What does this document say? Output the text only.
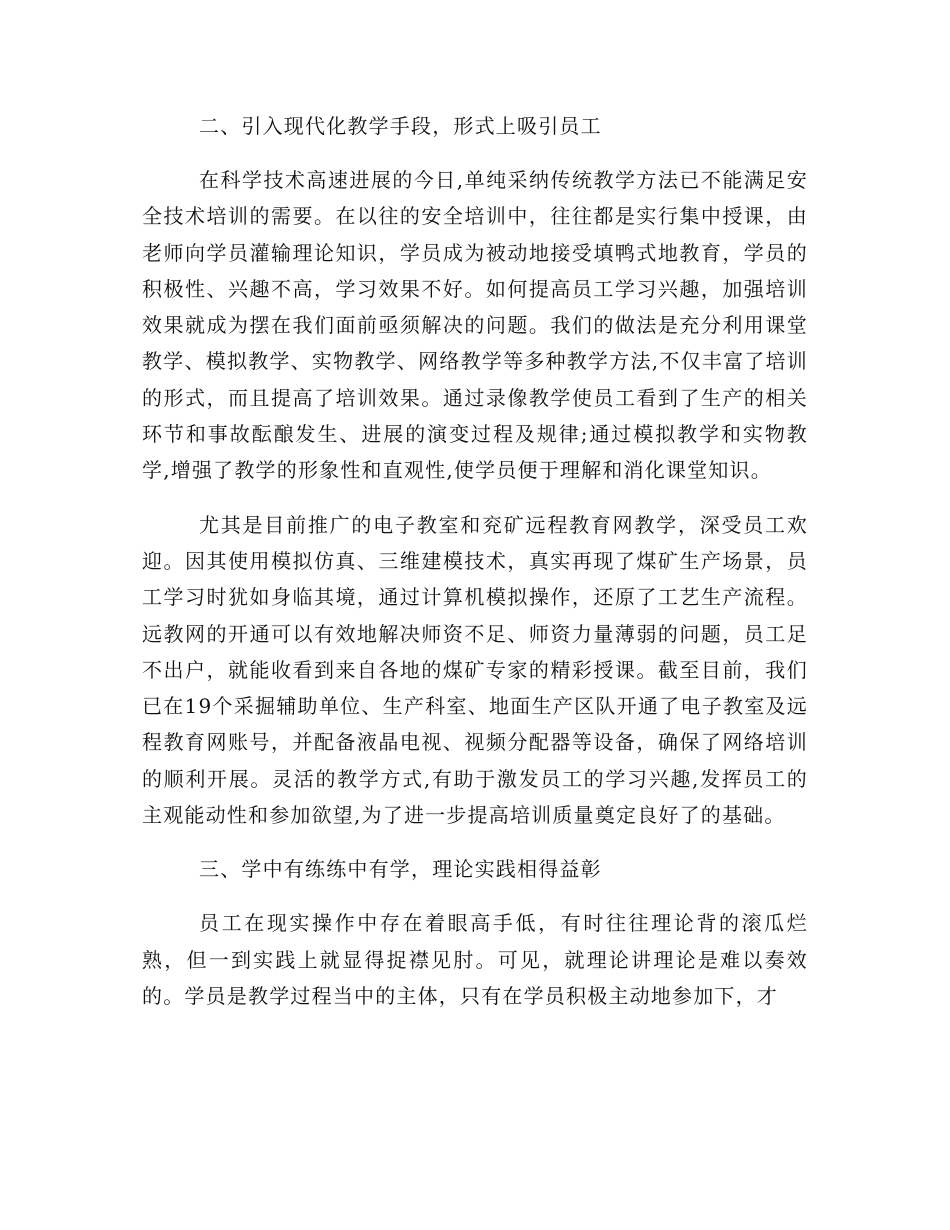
二、引入现代化教学手段，形式上吸引员工

在科学技术高速进展的今日,单纯采纳传统教学方法已不能满足安全技术培训的需要。在以往的安全培训中，往往都是实行集中授课，由老师向学员灌输理论知识，学员成为被动地接受填鸭式地教育，学员的积极性、兴趣不高，学习效果不好。如何提高员工学习兴趣，加强培训效果就成为摆在我们面前亟须解决的问题。我们的做法是充分利用课堂教学、模拟教学、实物教学、网络教学等多种教学方法,不仅丰富了培训的形式，而且提高了培训效果。通过录像教学使员工看到了生产的相关环节和事故酝酿发生、进展的演变过程及规律;通过模拟教学和实物教学,增强了教学的形象性和直观性,使学员便于理解和消化课堂知识。

尤其是目前推广的电子教室和兖矿远程教育网教学，深受员工欢迎。因其使用模拟仿真、三维建模技术，真实再现了煤矿生产场景，员工学习时犹如身临其境，通过计算机模拟操作，还原了工艺生产流程。远教网的开通可以有效地解决师资不足、师资力量薄弱的问题，员工足不出户，就能收看到来自各地的煤矿专家的精彩授课。截至目前，我们已在19个采掘辅助单位、生产科室、地面生产区队开通了电子教室及远程教育网账号，并配备液晶电视、视频分配器等设备，确保了网络培训的顺利开展。灵活的教学方式,有助于激发员工的学习兴趣,发挥员工的主观能动性和参加欲望,为了进一步提高培训质量奠定良好了的基础。

三、学中有练练中有学，理论实践相得益彰

员工在现实操作中存在着眼高手低，有时往往理论背的滚瓜烂熟，但一到实践上就显得捉襟见肘。可见，就理论讲理论是难以奏效的。学员是教学过程当中的主体，只有在学员积极主动地参加下，才
